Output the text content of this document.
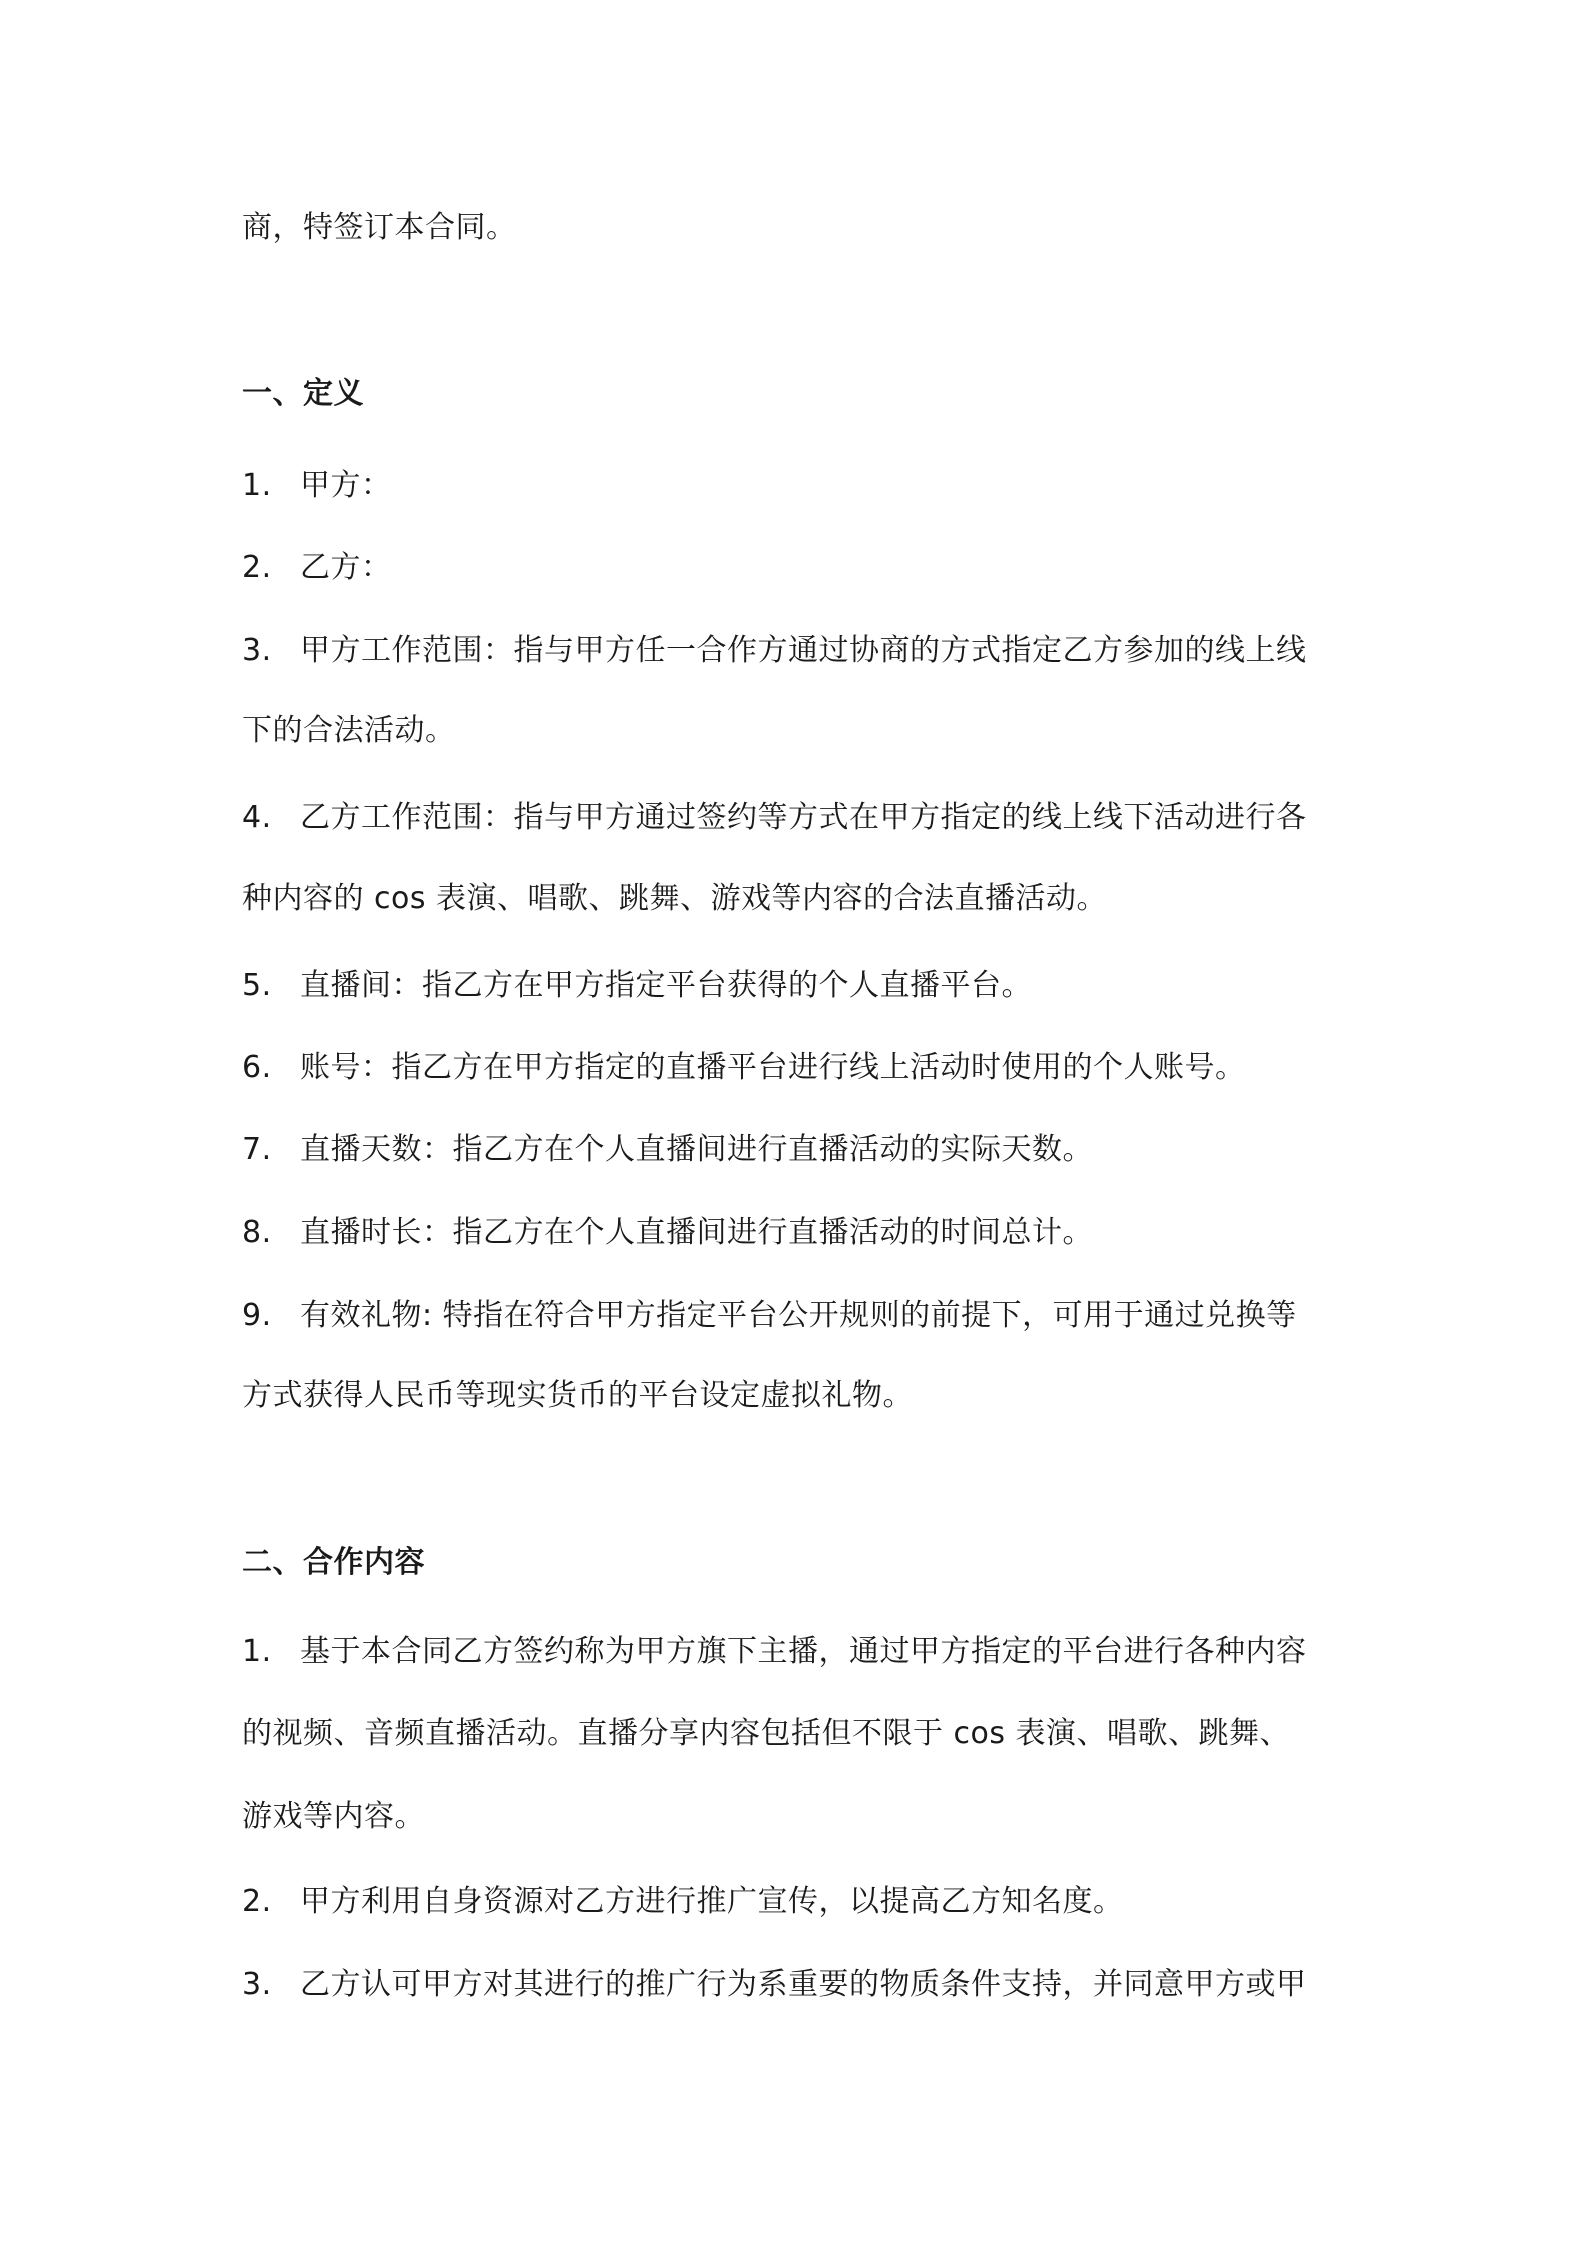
商，特签订本合同。
一、定义
1. 甲方：
2. 乙方：
3. 甲方工作范围：指与甲方任一合作方通过协商的方式指定乙方参加的线上线
下的合法活动。
4. 乙方工作范围：指与甲方通过签约等方式在甲方指定的线上线下活动进行各
种内容的 cos 表演、唱歌、跳舞、游戏等内容的合法直播活动。
5. 直播间：指乙方在甲方指定平台获得的个人直播平台。
6. 账号：指乙方在甲方指定的直播平台进行线上活动时使用的个人账号。
7. 直播天数：指乙方在个人直播间进行直播活动的实际天数。
8. 直播时长：指乙方在个人直播间进行直播活动的时间总计。
9. 有效礼物: 特指在符合甲方指定平台公开规则的前提下，可用于通过兑换等
方式获得人民币等现实货币的平台设定虚拟礼物。
二、合作内容
1. 基于本合同乙方签约称为甲方旗下主播，通过甲方指定的平台进行各种内容
的视频、音频直播活动。直播分享内容包括但不限于 cos 表演、唱歌、跳舞、
游戏等内容。
2. 甲方利用自身资源对乙方进行推广宣传，以提高乙方知名度。
3. 乙方认可甲方对其进行的推广行为系重要的物质条件支持，并同意甲方或甲
